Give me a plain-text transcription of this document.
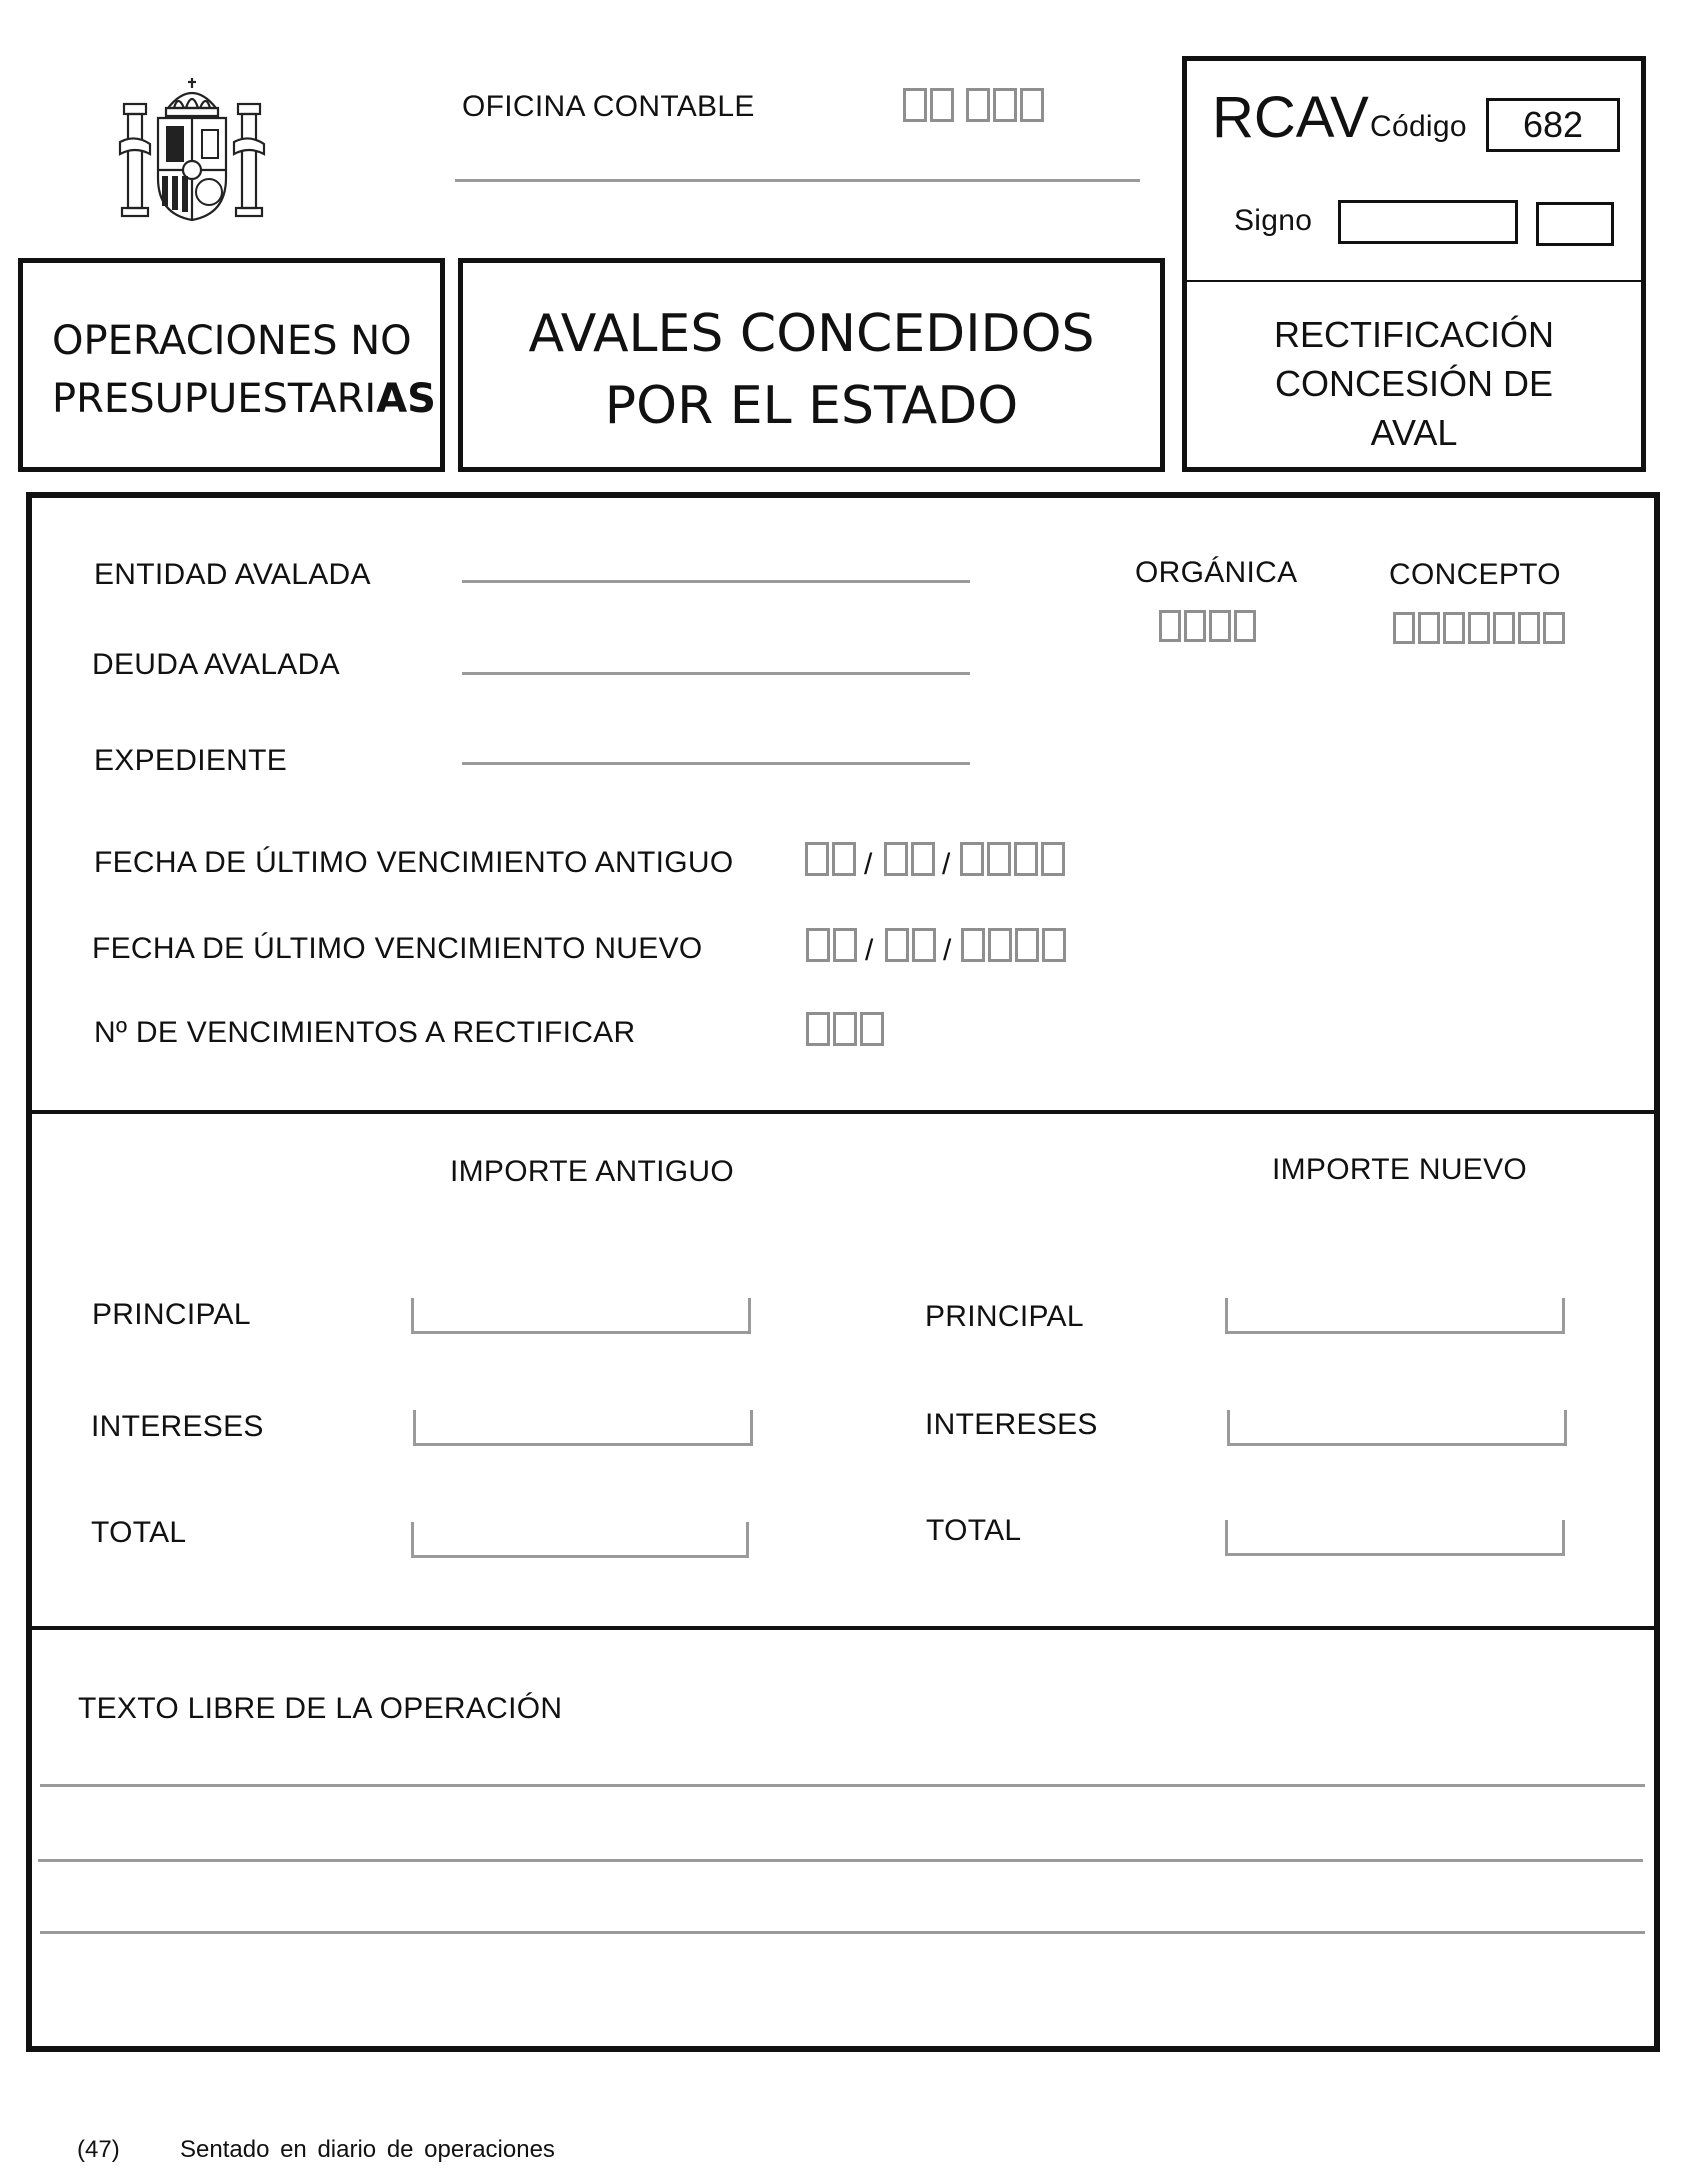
OFICINA CONTABLE	RCAV Código	682
Signo
OPERACIONES NO
PRESUPUESTARIAS
AVALES CONCEDIDOS
POR EL ESTADO
RECTIFICACIÓN
CONCESIÓN DE
AVAL
ENTIDAD AVALADA
DEUDA AVALADA
EXPEDIENTE
ORGÁNICA	CONCEPTO
FECHA DE ÚLTIMO VENCIMIENTO ANTIGUO	/ /
FECHA DE ÚLTIMO VENCIMIENTO NUEVO	/ /
Nº DE VENCIMIENTOS A RECTIFICAR
IMPORTE ANTIGUO	IMPORTE NUEVO
PRINCIPAL
INTERESES
TOTAL
PRINCIPAL
INTERESES
TOTAL
TEXTO LIBRE DE LA OPERACIÓN
(47)	Sentado en diario de operaciones
